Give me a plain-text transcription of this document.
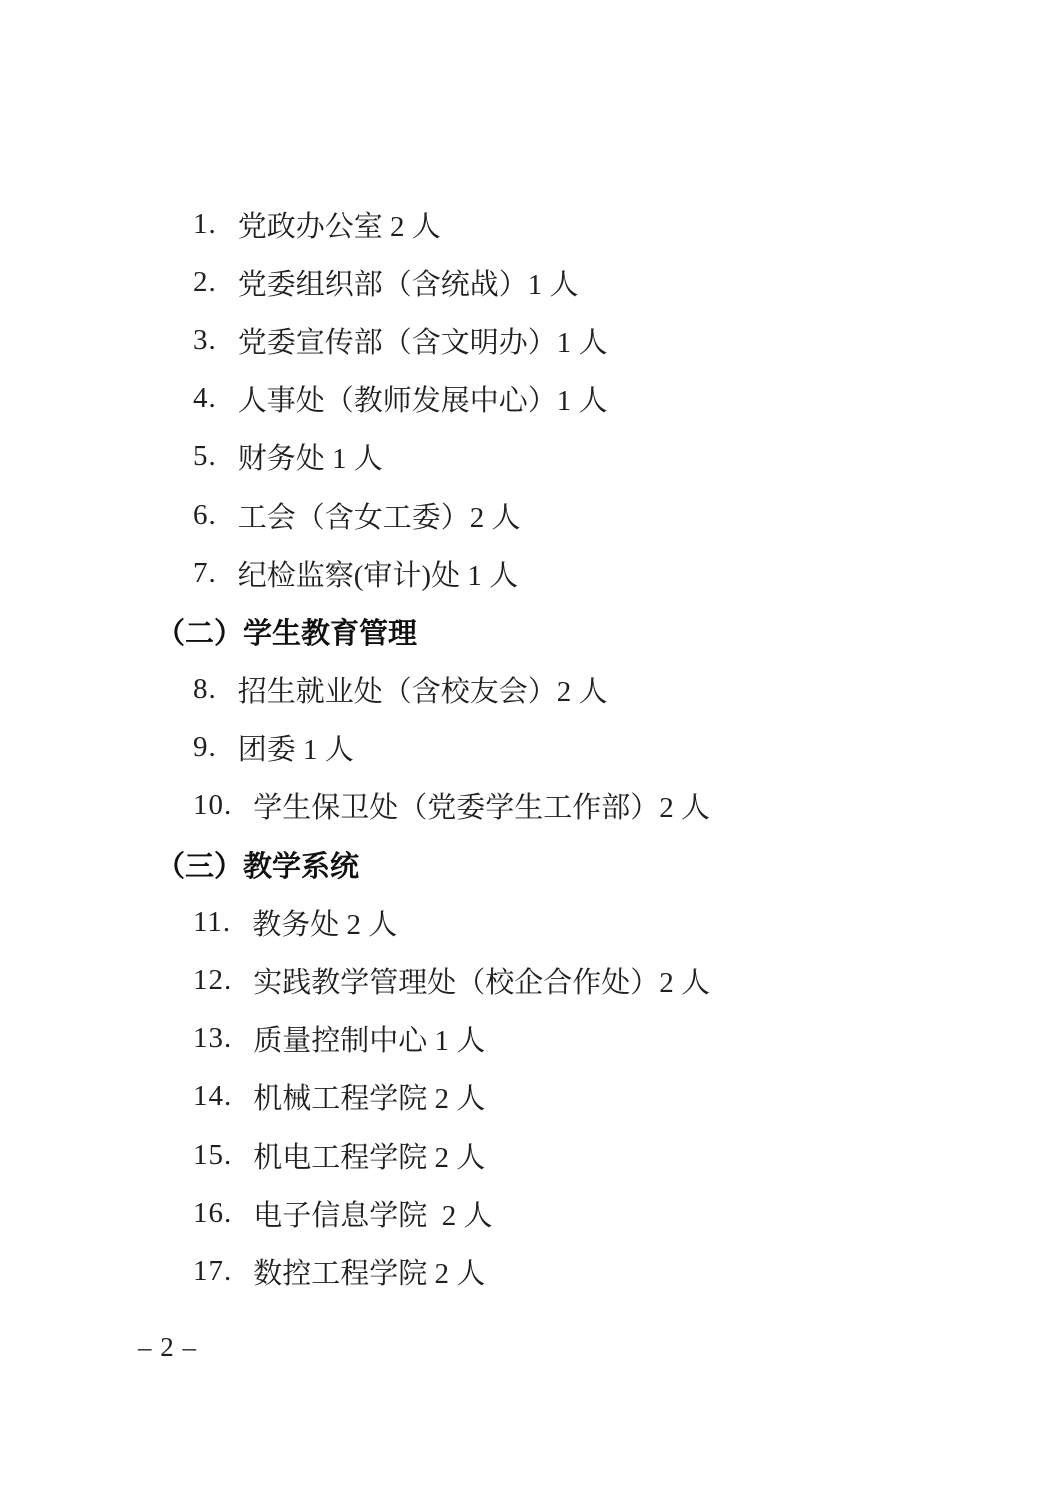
1. 党政办公室 2 人
2. 党委组织部（含统战）1 人
3. 党委宣传部（含文明办）1 人
4. 人事处（教师发展中心）1 人
5. 财务处 1 人
6. 工会（含女工委）2 人
7. 纪检监察(审计)处 1 人
（二）学生教育管理
8. 招生就业处（含校友会）2 人
9. 团委 1 人
10. 学生保卫处（党委学生工作部）2 人
（三）教学系统
11. 教务处 2 人
12. 实践教学管理处（校企合作处）2 人
13. 质量控制中心 1 人
14. 机械工程学院 2 人
15. 机电工程学院 2 人
16. 电子信息学院  2 人
17. 数控工程学院 2 人
– 2 –
